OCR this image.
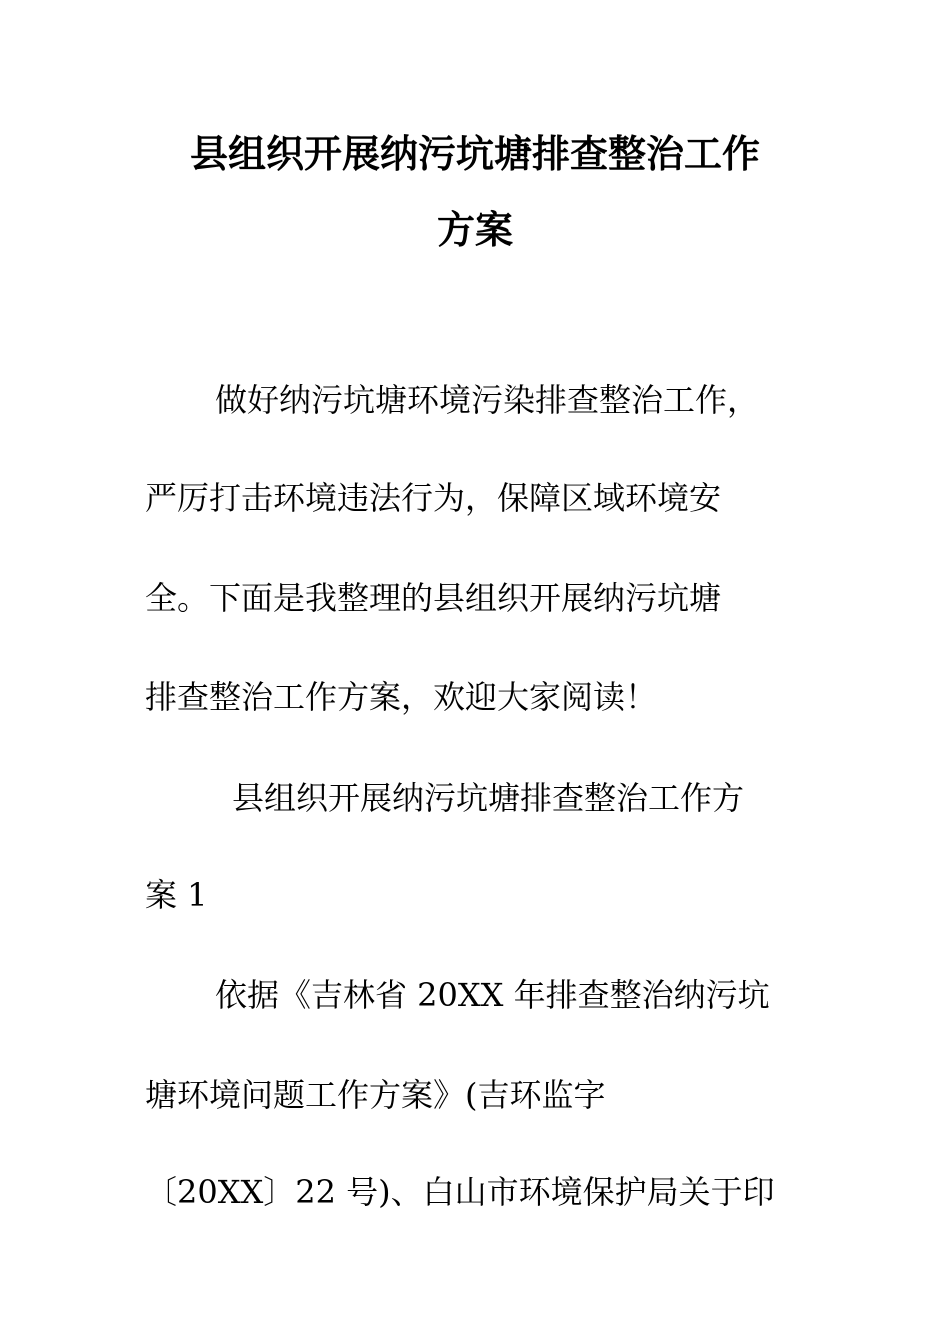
县组织开展纳污坑塘排查整治工作
方案

做好纳污坑塘环境污染排查整治工作，

严厉打击环境违法行为，保障区域环境安

全。下面是我整理的县组织开展纳污坑塘

排查整治工作方案，欢迎大家阅读！

县组织开展纳污坑塘排查整治工作方

案 1

依据《吉林省 20XX 年排查整治纳污坑

塘环境问题工作方案》(吉环监字

〔20XX〕22 号)、白山市环境保护局关于印
